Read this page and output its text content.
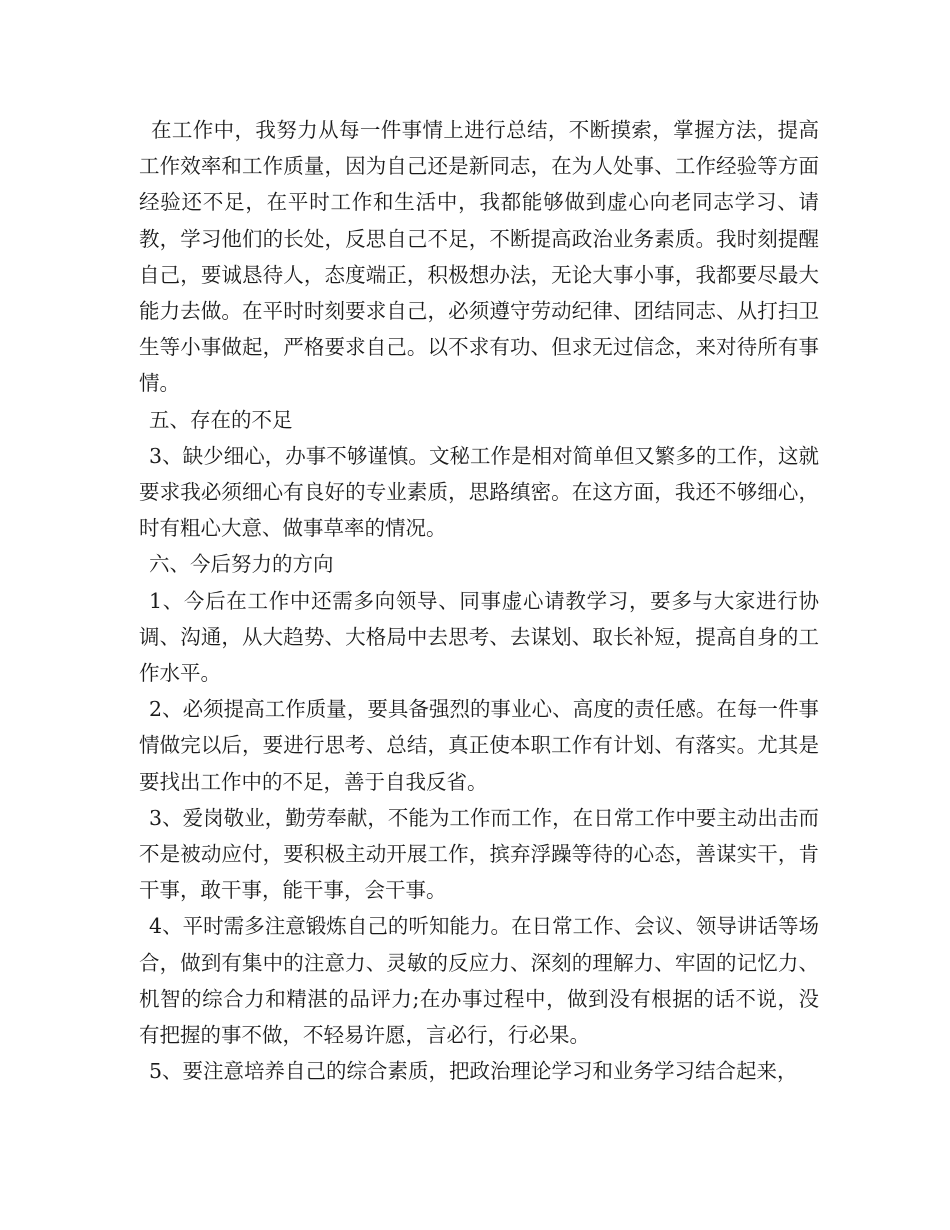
在工作中，我努力从每一件事情上进行总结，不断摸索，掌握方法，提高工作效率和工作质量，因为自己还是新同志，在为人处事、工作经验等方面经验还不足，在平时工作和生活中，我都能够做到虚心向老同志学习、请教，学习他们的长处，反思自己不足，不断提高政治业务素质。我时刻提醒自己，要诚恳待人，态度端正，积极想办法，无论大事小事，我都要尽最大能力去做。在平时时刻要求自己，必须遵守劳动纪律、团结同志、从打扫卫生等小事做起，严格要求自己。以不求有功、但求无过信念，来对待所有事情。

五、存在的不足

3、缺少细心，办事不够谨慎。文秘工作是相对简单但又繁多的工作，这就要求我必须细心有良好的专业素质，思路缜密。在这方面，我还不够细心，时有粗心大意、做事草率的情况。

六、今后努力的方向

1、今后在工作中还需多向领导、同事虚心请教学习，要多与大家进行协调、沟通，从大趋势、大格局中去思考、去谋划、取长补短，提高自身的工作水平。

2、必须提高工作质量，要具备强烈的事业心、高度的责任感。在每一件事情做完以后，要进行思考、总结，真正使本职工作有计划、有落实。尤其是要找出工作中的不足，善于自我反省。

3、爱岗敬业，勤劳奉献，不能为工作而工作，在日常工作中要主动出击而不是被动应付，要积极主动开展工作，摈弃浮躁等待的心态，善谋实干，肯干事，敢干事，能干事，会干事。

4、平时需多注意锻炼自己的听知能力。在日常工作、会议、领导讲话等场合，做到有集中的注意力、灵敏的反应力、深刻的理解力、牢固的记忆力、机智的综合力和精湛的品评力;在办事过程中，做到没有根据的话不说，没有把握的事不做，不轻易许愿，言必行，行必果。

5、要注意培养自己的综合素质，把政治理论学习和业务学习结合起来，
